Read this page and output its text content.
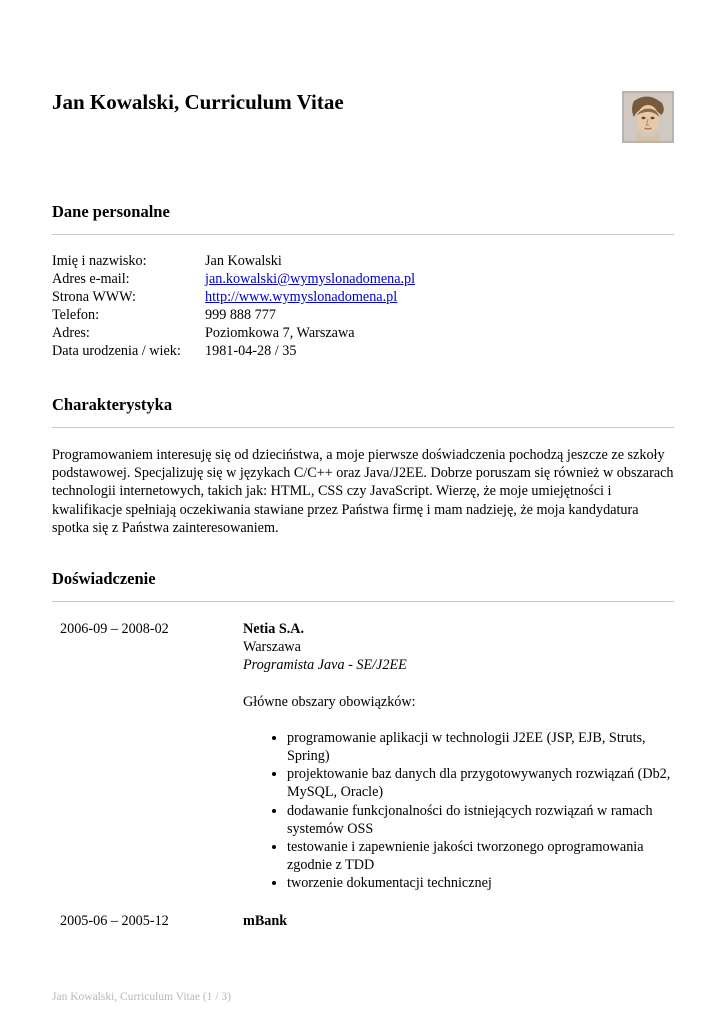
Jan Kowalski, Curriculum Vitae
Dane personalne
Imię i nazwisko:	Jan Kowalski
Adres e-mail:	jan.kowalski@wymyslonadomena.pl
Strona WWW:	http://www.wymyslonadomena.pl
Telefon:	999 888 777
Adres:	Poziomkowa 7, Warszawa
Data urodzenia / wiek: 1981-04-28 / 35
Charakterystyka
Programowaniem interesuję się od dzieciństwa, a moje pierwsze doświadczenia pochodzą jeszcze ze szkoły podstawowej. Specjalizuję się w językach C/C++ oraz Java/J2EE. Dobrze poruszam się również w obszarach technologii internetowych, takich jak: HTML, CSS czy JavaScript. Wierzę, że moje umiejętności i kwalifikacje spełniają oczekiwania stawiane przez Państwa firmę i mam nadzieję, że moja kandydatura spotka się z Państwa zainteresowaniem.
Doświadczenie
2006-09 – 2008-02	Netia S.A.
Warszawa
Programista Java - SE/J2EE
Główne obszary obowiązków:
• programowanie aplikacji w technologii J2EE (JSP, EJB, Struts, Spring)
• projektowanie baz danych dla przygotowywanych rozwiązań (Db2, MySQL, Oracle)
• dodawanie funkcjonalności do istniejących rozwiązań w ramach systemów OSS
• testowanie i zapewnienie jakości tworzonego oprogramowania zgodnie z TDD
• tworzenie dokumentacji technicznej
2005-06 – 2005-12	mBank
Jan Kowalski, Curriculum Vitae (1 / 3)
